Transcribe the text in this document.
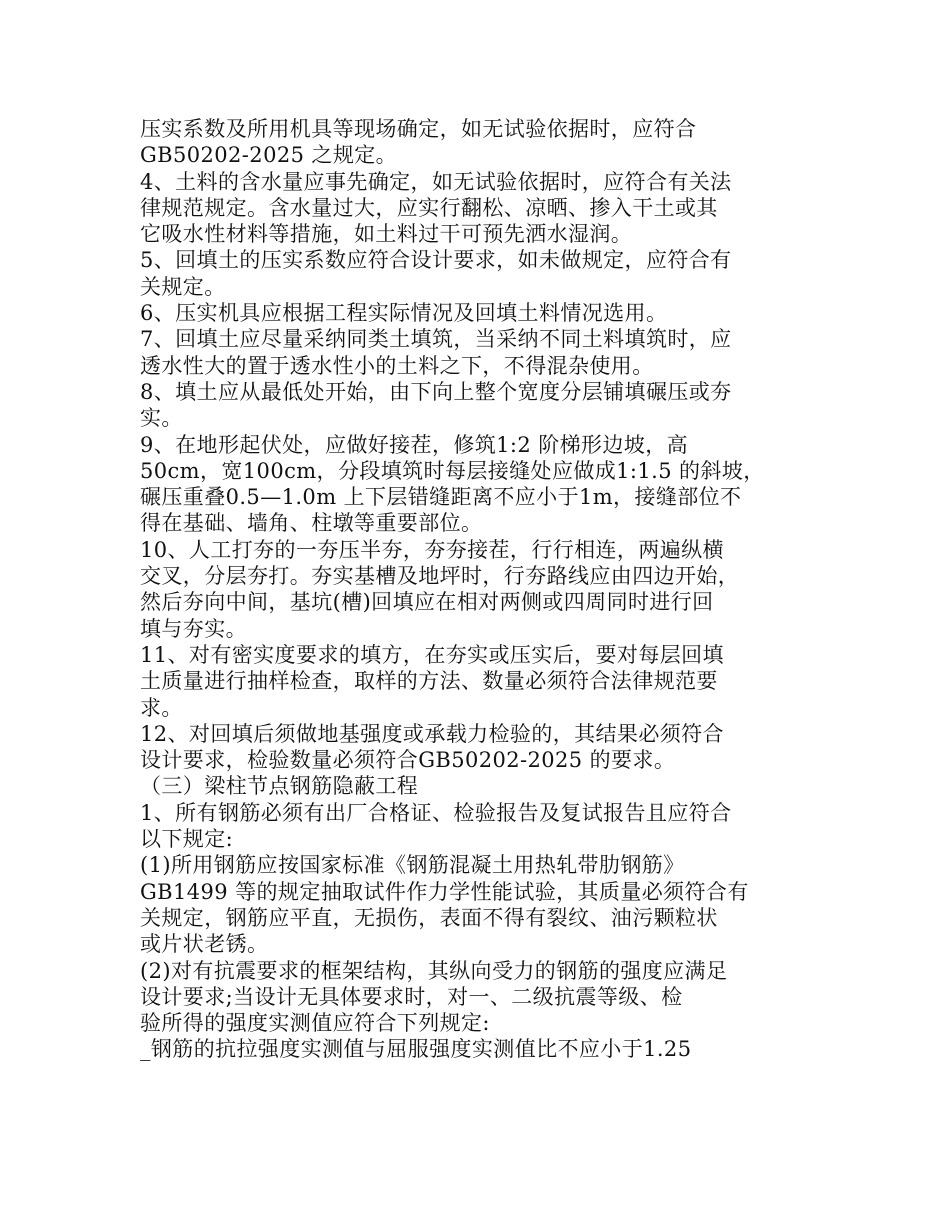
压实系数及所用机具等现场确定，如无试验依据时，应符合
GB50202-2025 之规定。
4、土料的含水量应事先确定，如无试验依据时，应符合有关法
律规范规定。含水量过大，应实行翻松、凉晒、掺入干土或其
它吸水性材料等措施，如土料过干可预先洒水湿润。
5、回填土的压实系数应符合设计要求，如未做规定，应符合有
关规定。
6、压实机具应根据工程实际情况及回填土料情况选用。
7、回填土应尽量采纳同类土填筑，当采纳不同土料填筑时，应
透水性大的置于透水性小的土料之下，不得混杂使用。
8、填土应从最低处开始，由下向上整个宽度分层铺填碾压或夯
实。
9、在地形起伏处，应做好接茬，修筑1:2 阶梯形边坡，高
50cm，宽100cm，分段填筑时每层接缝处应做成1:1.5 的斜坡，
碾压重叠0.5—1.0m 上下层错缝距离不应小于1m，接缝部位不
得在基础、墙角、柱墩等重要部位。
10、人工打夯的一夯压半夯，夯夯接茬，行行相连，两遍纵横
交叉，分层夯打。夯实基槽及地坪时，行夯路线应由四边开始，
然后夯向中间，基坑(槽)回填应在相对两侧或四周同时进行回
填与夯实。
11、对有密实度要求的填方，在夯实或压实后，要对每层回填
土质量进行抽样检查，取样的方法、数量必须符合法律规范要
求。
12、对回填后须做地基强度或承载力检验的，其结果必须符合
设计要求，检验数量必须符合GB50202-2025 的要求。
（三）梁柱节点钢筋隐蔽工程
1、所有钢筋必须有出厂合格证、检验报告及复试报告且应符合
以下规定:
(1)所用钢筋应按国家标准《钢筋混凝土用热轧带肋钢筋》
GB1499 等的规定抽取试件作力学性能试验，其质量必须符合有
关规定，钢筋应平直，无损伤，表面不得有裂纹、油污颗粒状
或片状老锈。
(2)对有抗震要求的框架结构，其纵向受力的钢筋的强度应满足
设计要求;当设计无具体要求时，对一、二级抗震等级、检
验所得的强度实测值应符合下列规定:
_钢筋的抗拉强度实测值与屈服强度实测值比不应小于1.25
